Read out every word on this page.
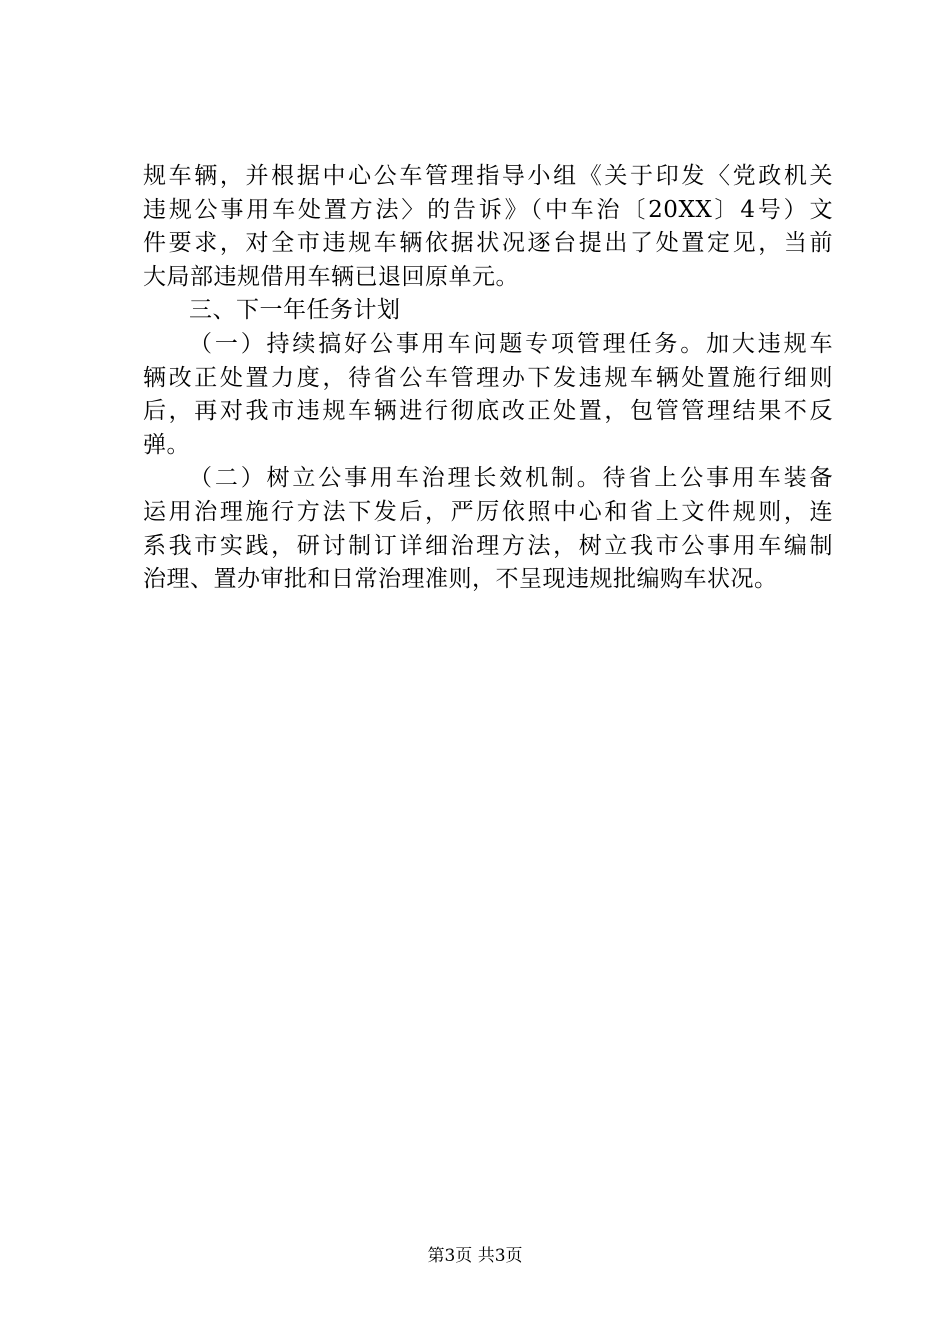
规车辆，并根据中心公车管理指导小组《关于印发〈党政机关
违规公事用车处置方法〉的告诉》（中车治〔20XX〕4号）文
件要求，对全市违规车辆依据状况逐台提出了处置定见，当前
大局部违规借用车辆已退回原单元。
三、下一年任务计划
（一）持续搞好公事用车问题专项管理任务。加大违规车
辆改正处置力度，待省公车管理办下发违规车辆处置施行细则
后，再对我市违规车辆进行彻底改正处置，包管管理结果不反
弹。
（二）树立公事用车治理长效机制。待省上公事用车装备
运用治理施行方法下发后，严厉依照中心和省上文件规则，连
系我市实践，研讨制订详细治理方法，树立我市公事用车编制
治理、置办审批和日常治理准则，不呈现违规批编购车状况。
第3页 共3页
